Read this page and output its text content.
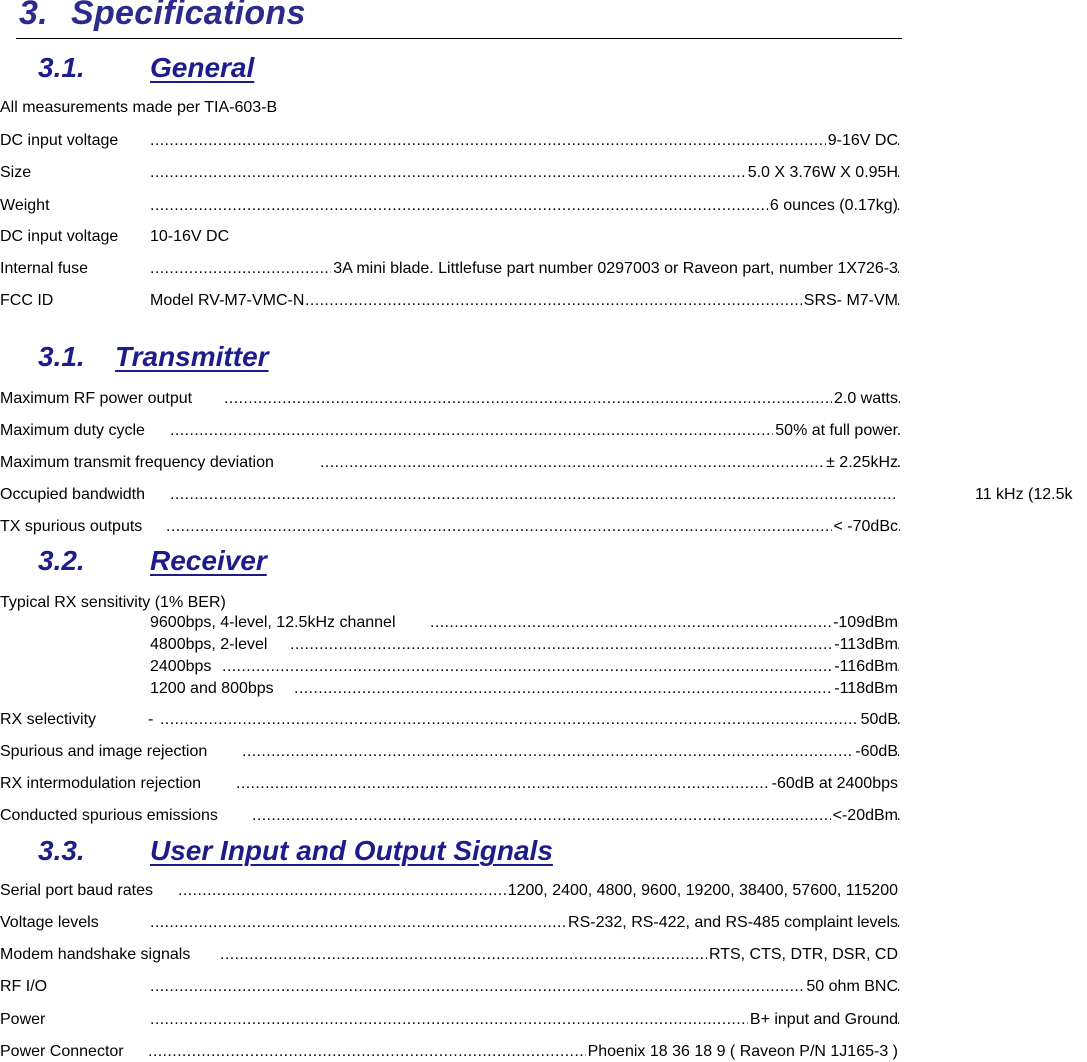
3. Specifications
3.1. General
All measurements made per TIA-603-B
DC input voltage .....	9-16V DC
Size .....	5.0 X 3.76W X 0.95H
Weight .....	6 ounces (0.17kg)
DC input voltage 10-16V DC
Internal fuse .....	3A mini blade. Littlefuse part number 0297003 or Raveon part, number 1X726-3
FCC ID .....	Model RV-M7-VMC-N	SRS- M7-VM
3.1. Transmitter
Maximum RF power output .....	2.0 watts
Maximum duty cycle .....	50% at full power
Maximum transmit frequency deviation .....	± 2.25kHz
Occupied bandwidth .....	11 kHz (12.5k
TX spurious outputs .....	< -70dBc
3.2. Receiver
Typical RX sensitivity (1% BER)
9600bps, 4-level, 12.5kHz channel .....	-109dBm
4800bps, 2-level .....	-113dBm
2400bps .....	-116dBm
1200 and 800bps .....	-118dBm
RX selectivity	- .....	50dB
Spurious and image rejection .....	-60dB
RX intermodulation rejection .....	-60dB at 2400bps
Conducted spurious emissions .....	<-20dBm
3.3. User Input and Output Signals
Serial port baud rates .....	1200, 2400, 4800, 9600, 19200, 38400, 57600, 115200
Voltage levels .....	RS-232, RS-422, and RS-485 complaint levels
Modem handshake signals .....	RTS, CTS, DTR, DSR, CD
RF I/O .....	50 ohm BNC
Power .....	B+ input and Ground
Power Connector .....	Phoenix 18 36 18 9 ( Raveon P/N 1J165-3 )
